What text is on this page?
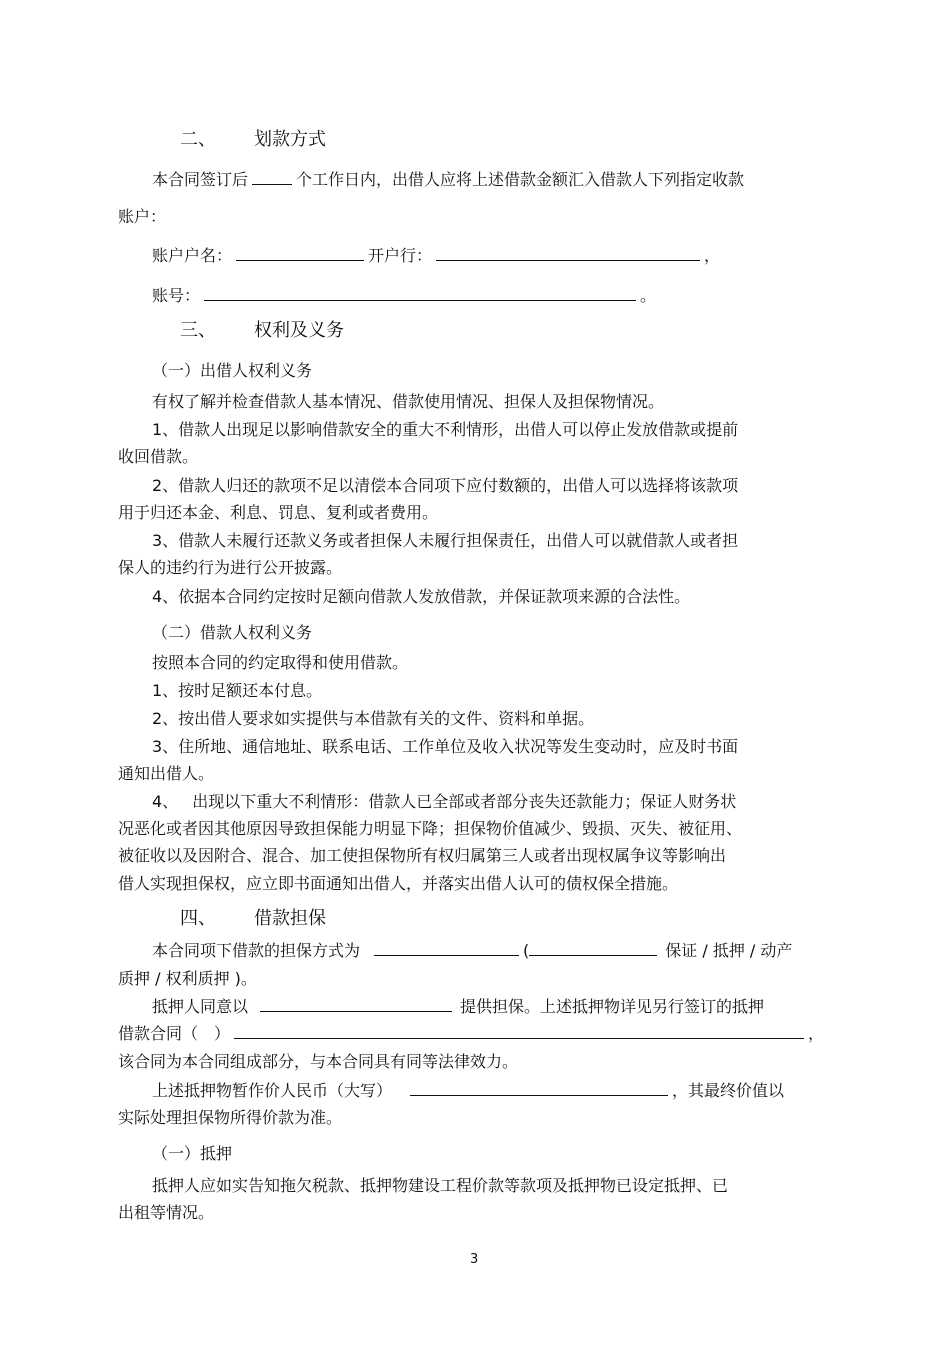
二、 划款方式
本合同签订后	个工作日内，出借人应将上述借款金额汇入借款人下列指定收款
账户：
账户户名：	开户行：	，
账号：	。
三、 权利及义务
（一）出借人权利义务
有权了解并检查借款人基本情况、借款使用情况、担保人及担保物情况。
1、借款人出现足以影响借款安全的重大不利情形，出借人可以停止发放借款或提前
收回借款。
2、借款人归还的款项不足以清偿本合同项下应付数额的，出借人可以选择将该款项
用于归还本金、利息、罚息、复利或者费用。
3、借款人未履行还款义务或者担保人未履行担保责任，出借人可以就借款人或者担
保人的违约行为进行公开披露。
4、依据本合同约定按时足额向借款人发放借款，并保证款项来源的合法性。
（二）借款人权利义务
按照本合同的约定取得和使用借款。
1、按时足额还本付息。
2、按出借人要求如实提供与本借款有关的文件、资料和单据。
3、住所地、通信地址、联系电话、工作单位及收入状况等发生变动时，应及时书面
通知出借人。
4、 出现以下重大不利情形：借款人已全部或者部分丧失还款能力；保证人财务状
况恶化或者因其他原因导致担保能力明显下降；担保物价值减少、毁损、灭失、被征用、
被征收以及因附合、混合、加工使担保物所有权归属第三人或者出现权属争议等影响出
借人实现担保权，应立即书面通知出借人，并落实出借人认可的债权保全措施。
四、 借款担保
本合同项下借款的担保方式为	(	保证 / 抵押 / 动产
质押 / 权利质押 )。
抵押人同意以	提供担保。上述抵押物详见另行签订的抵押
借款合同（　）	，
该合同为本合同组成部分，与本合同具有同等法律效力。
上述抵押物暂作价人民币（大写）	，其最终价值以
实际处理担保物所得价款为准。
（一）抵押
抵押人应如实告知拖欠税款、抵押物建设工程价款等款项及抵押物已设定抵押、已
出租等情况。
3
